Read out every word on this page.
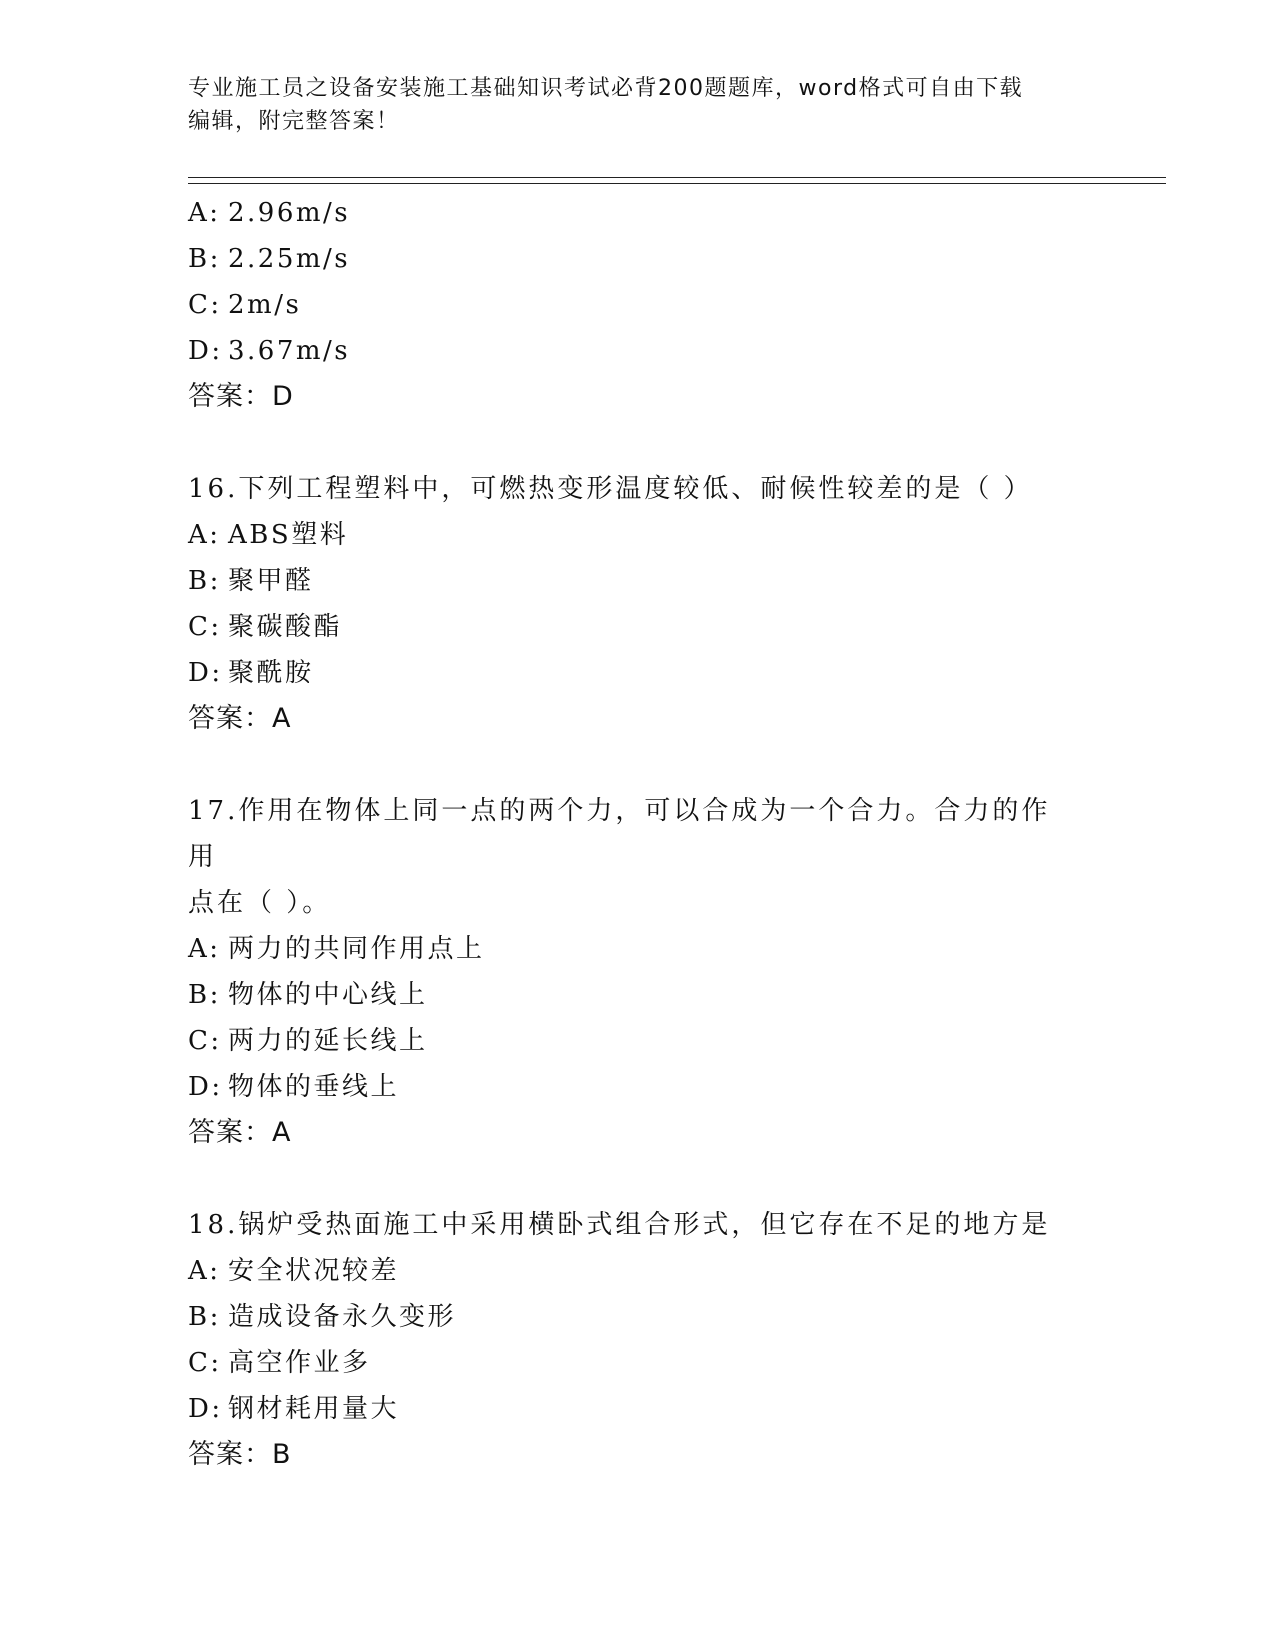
专业施工员之设备安装施工基础知识考试必背200题题库，word格式可自由下载
编辑，附完整答案！
A: 2.96m/s
B: 2.25m/s
C: 2m/s
D: 3.67m/s
答案：D
16.下列工程塑料中，可燃热变形温度较低、耐候性较差的是（ ）
A: ABS塑料
B: 聚甲醛
C: 聚碳酸酯
D: 聚酰胺
答案：A
17.作用在物体上同一点的两个力，可以合成为一个合力。合力的作用
点在（ ）。
A: 两力的共同作用点上
B: 物体的中心线上
C: 两力的延长线上
D: 物体的垂线上
答案：A
18.锅炉受热面施工中采用横卧式组合形式，但它存在不足的地方是
A: 安全状况较差
B: 造成设备永久变形
C: 高空作业多
D: 钢材耗用量大
答案：B
